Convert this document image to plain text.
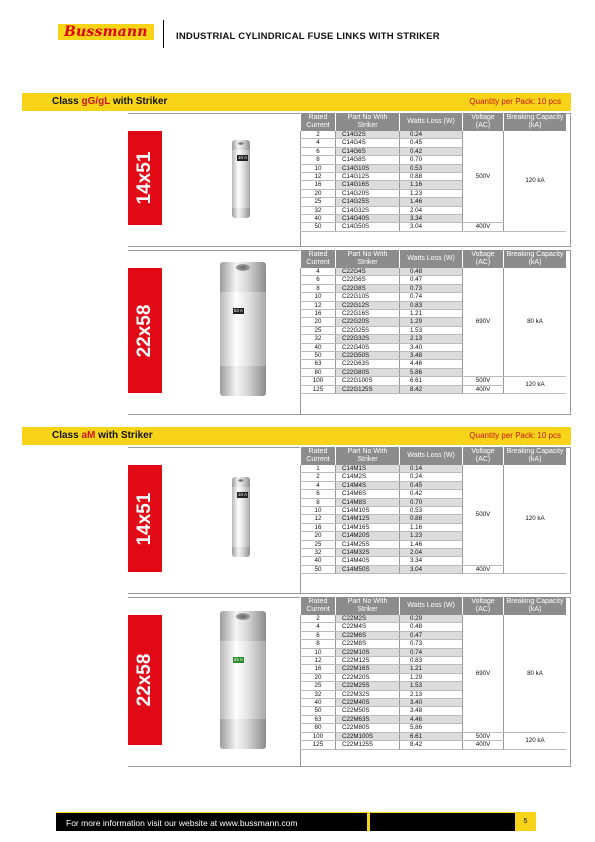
Bussmann	INDUSTRIAL CYLINDRICAL FUSE LINKS WITH STRIKER
Class gG/gL with Striker	Quantity per Pack: 10 pcs
14x51	10 A
Rated Current	Part No With Striker	Watts Loss (W)	Voltage (AC)	Breaking Capacity (kA)
2	C14G2S	0.24	500V	120 kA
4	C14G4S	0.45		
6	C14G6S	0.42		
8	C14G8S	0.70		
10	C14G10S	0.53		
12	C14G12S	0.88		
16	C14G16S	1.16		
20	C14G20S	1.23		
25	C14G25S	1.46		
32	C14G32S	2.04		
40	C14G40S	3.34		
50	C14G50S	3.04	400V	
22x58	63 A
Rated Current	Part No With Striker	Watts Loss (W)	Voltage (AC)	Breaking Capacity (kA)
4	C22G4S	0.48	690V	80 kA
6	C22G6S	0.47		
8	C22G8S	0.73		
10	C22G10S	0.74		
12	C22G12S	0.83		
16	C22G16S	1.21		
20	C22G20S	1.29		
25	C22G25S	1.53		
32	C22G32S	2.13		
40	C22G40S	3.40		
50	C22G50S	3.48		
63	C22G63S	4.46		
80	C22G80S	5.86		
100	C22G100S	6.61	500V	120 kA
125	C22G125S	8.42	400V	
Class aM with Striker	Quantity per Pack: 10 pcs
14x51	10 A
Rated Current	Part No With Striker	Watts Loss (W)	Voltage (AC)	Breaking Capacity (kA)
1	C14M1S	0.14	500V	120 kA
2	C14M2S	0.24		
4	C14M4S	0.45		
6	C14M6S	0.42		
8	C14M8S	0.70		
10	C14M10S	0.53		
12	C14M12S	0.88		
16	C14M16S	1.16		
20	C14M20S	1.23		
25	C14M25S	1.46		
32	C14M32S	2.04		
40	C14M40S	3.34		
50	C14M50S	3.04	400V	
22x58	25 A
Rated Current	Part No With Striker	Watts Loss (W)	Voltage (AC)	Breaking Capacity (kA)
2	C22M2S	0.29	690V	80 kA
4	C22M4S	0.48		
6	C22M6S	0.47		
8	C22M8S	0.73		
10	C22M10S	0.74		
12	C22M12S	0.83		
16	C22M16S	1.21		
20	C22M20S	1.29		
25	C22M25S	1.53		
32	C22M32S	2.13		
40	C22M40S	3.40		
50	C22M50S	3.48		
63	C22M63S	4.46		
80	C22M80S	5.86		
100	C22M100S	6.61	500V	120 kA
125	C22M125S	8.42	400V	
For more information visit our website at www.bussmann.com	5
